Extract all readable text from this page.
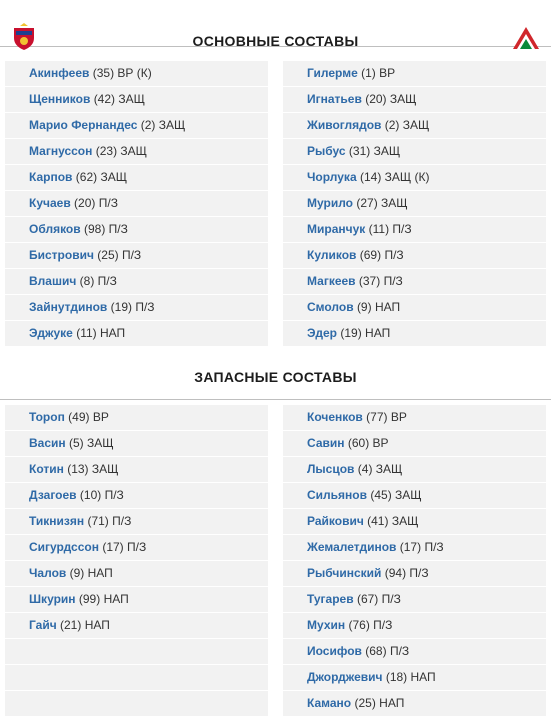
ОСНОВНЫЕ СОСТАВЫ
Акинфеев (35) ВР (К)
Щенников (42) ЗАЩ
Марио Фернандес (2) ЗАЩ
Магнуссон (23) ЗАЩ
Карпов (62) ЗАЩ
Кучаев (20) П/З
Обляков (98) П/З
Бистрович (25) П/З
Влашич (8) П/З
Зайнутдинов (19) П/З
Эджуке (11) НАП
Гилерме (1) ВР
Игнатьев (20) ЗАЩ
Живоглядов (2) ЗАЩ
Рыбус (31) ЗАЩ
Чорлука (14) ЗАЩ (К)
Мурило (27) ЗАЩ
Миранчук (11) П/З
Куликов (69) П/З
Магкеев (37) П/З
Смолов (9) НАП
Эдер (19) НАП
ЗАПАСНЫЕ СОСТАВЫ
Тороп (49) ВР
Васин (5) ЗАЩ
Котин (13) ЗАЩ
Дзагоев (10) П/З
Тикнизян (71) П/З
Сигурдссон (17) П/З
Чалов (9) НАП
Шкурин (99) НАП
Гайч (21) НАП
Коченков (77) ВР
Савин (60) ВР
Лысцов (4) ЗАЩ
Сильянов (45) ЗАЩ
Райкович (41) ЗАЩ
Жемалетдинов (17) П/З
Рыбчинский (94) П/З
Тугарев (67) П/З
Мухин (76) П/З
Иосифов (68) П/З
Джорджевич (18) НАП
Камано (25) НАП
